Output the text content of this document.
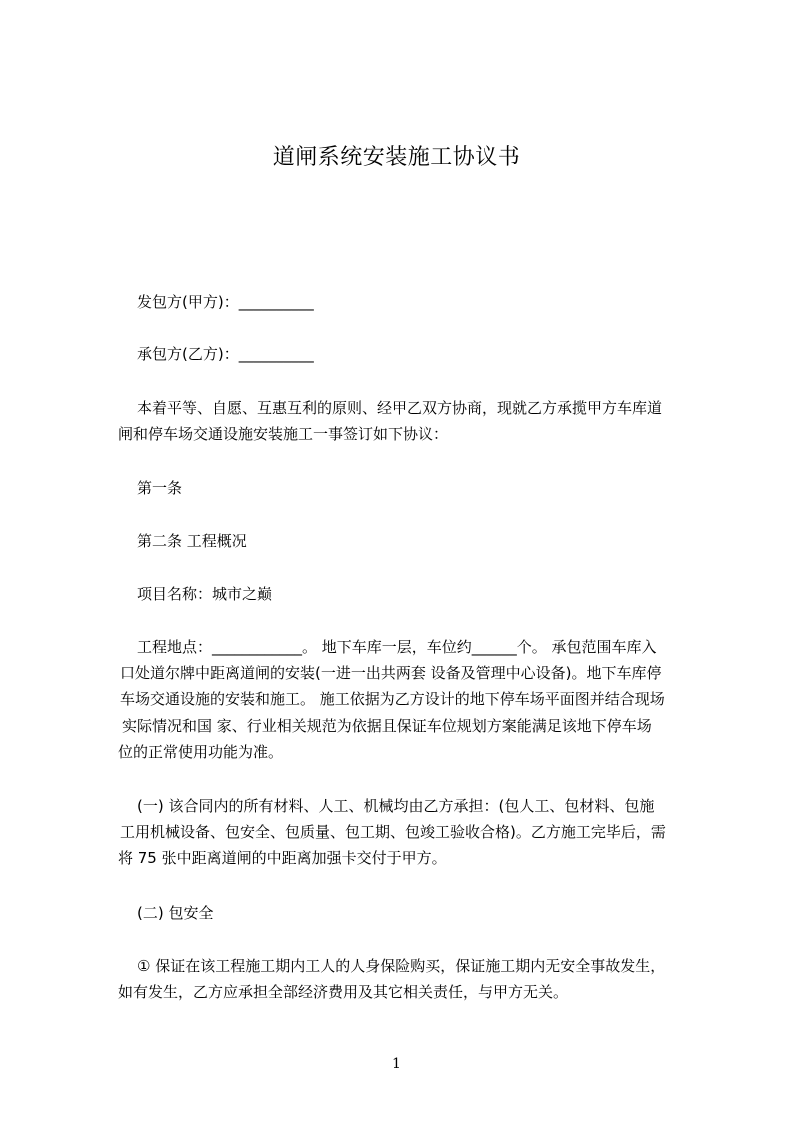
道闸系统安装施工协议书
发包方(甲方)：__________
承包方(乙方)：__________
本着平等、自愿、互惠互利的原则、经甲乙双方协商，现就乙方承揽甲方车库道
闸和停车场交通设施安装施工一事签订如下协议：
第一条
第二条 工程概况
项目名称：城市之巅
工程地点：____________。 地下车库一层，车位约______个。 承包范围车库入
口处道尔牌中距离道闸的安装(一进一出共两套 设备及管理中心设备)。地下车库停
车场交通设施的安装和施工。 施工依据为乙方设计的地下停车场平面图并结合现场
实际情况和国 家、行业相关规范为依据且保证车位规划方案能满足该地下停车场
位的正常使用功能为准。
(一) 该合同内的所有材料、人工、机械均由乙方承担：(包人工、包材料、包施
工用机械设备、包安全、包质量、包工期、包竣工验收合格)。乙方施工完毕后，需
将 75 张中距离道闸的中距离加强卡交付于甲方。
(二) 包安全
① 保证在该工程施工期内工人的人身保险购买，保证施工期内无安全事故发生，
如有发生，乙方应承担全部经济费用及其它相关责任，与甲方无关。
1
